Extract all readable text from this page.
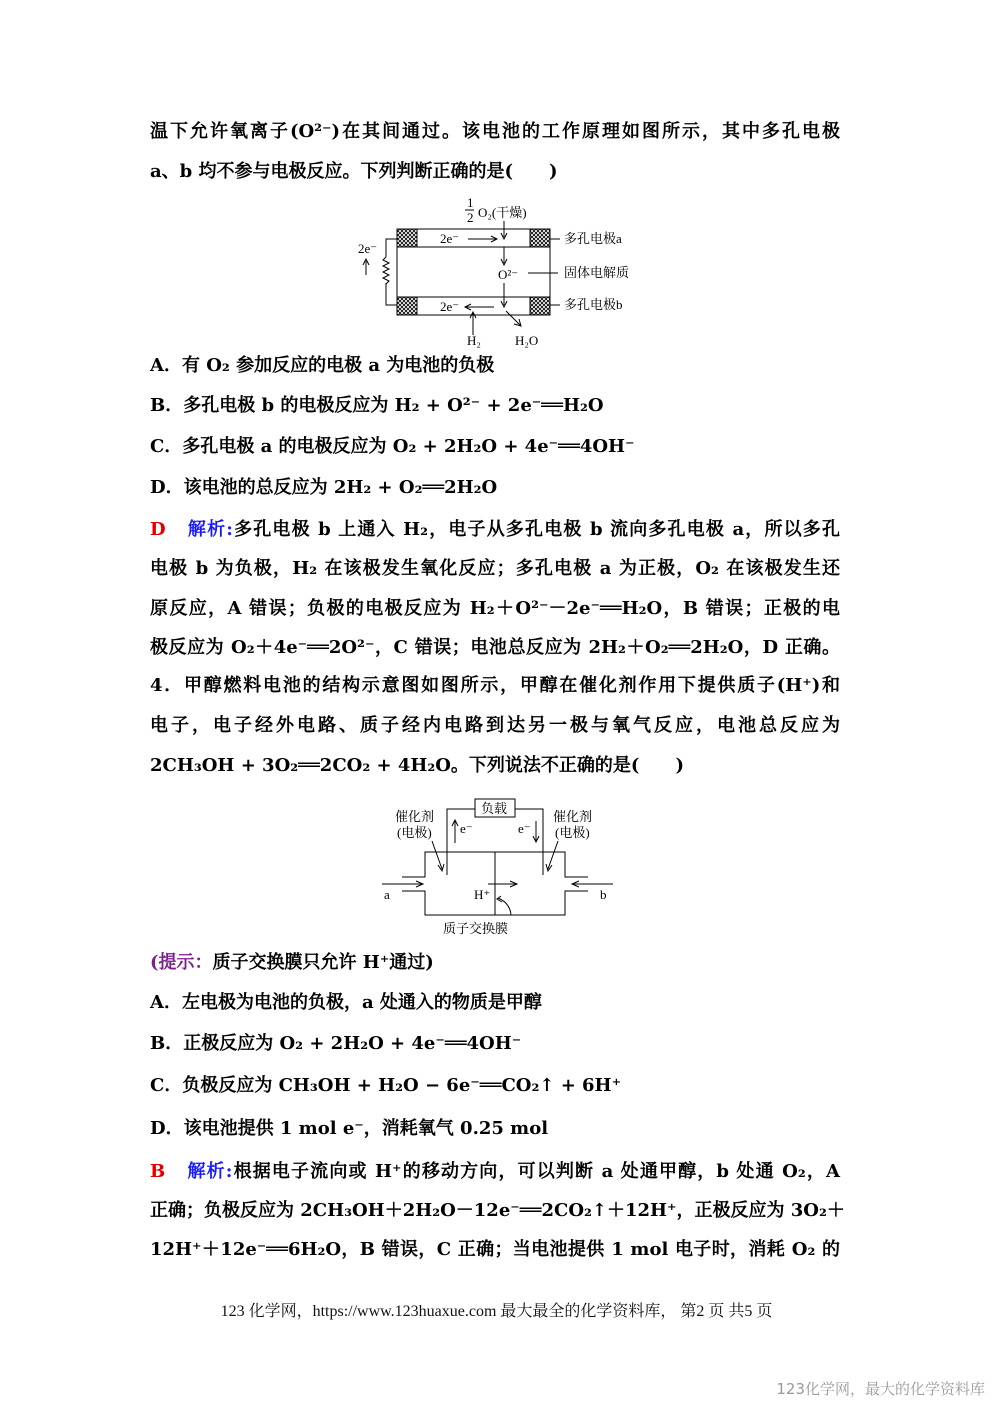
温下允许氧离子(O²⁻)在其间通过。该电池的工作原理如图所示，其中多孔电极
a、b 均不参与电极反应。下列判断正确的是(　　)
2e⁻
1
2 O₂(干燥)
2e⁻
O²⁻
2e⁻
H₂	H₂O
多孔电极a
固体电解质
多孔电极b
A．有 O₂ 参加反应的电极 a 为电池的负极
B．多孔电极 b 的电极反应为 H₂ + O²⁻ + 2e⁻══H₂O
C．多孔电极 a 的电极反应为 O₂ + 2H₂O + 4e⁻══4OH⁻
D．该电池的总反应为 2H₂ + O₂══2H₂O
D 解析:多孔电极 b 上通入 H₂，电子从多孔电极 b 流向多孔电极 a，所以多孔
电极 b 为负极，H₂ 在该极发生氧化反应；多孔电极 a 为正极，O₂ 在该极发生还
原反应，A 错误；负极的电极反应为 H₂＋O²⁻－2e⁻══H₂O，B 错误；正极的电
极反应为 O₂＋4e⁻══2O²⁻，C 错误；电池总反应为 2H₂＋O₂══2H₂O，D 正确。
4．甲醇燃料电池的结构示意图如图所示，甲醇在催化剂作用下提供质子(H⁺)和
电子，电子经外电路、质子经内电路到达另一极与氧气反应，电池总反应为
2CH₃OH + 3O₂══2CO₂ + 4H₂O。下列说法不正确的是(　　)
负载
e⁻	e⁻
催化剂
(电极)
催化剂
(电极)
a	b
H⁺
质子交换膜
(提示：质子交换膜只允许 H⁺通过)
A．左电极为电池的负极，a 处通入的物质是甲醇
B．正极反应为 O₂ + 2H₂O + 4e⁻══4OH⁻
C．负极反应为 CH₃OH + H₂O − 6e⁻══CO₂↑ + 6H⁺
D．该电池提供 1 mol e⁻，消耗氧气 0.25 mol
B 解析:根据电子流向或 H⁺的移动方向，可以判断 a 处通甲醇，b 处通 O₂，A
正确；负极反应为 2CH₃OH＋2H₂O－12e⁻══2CO₂↑＋12H⁺，正极反应为 3O₂＋
12H⁺＋12e⁻══6H₂O，B 错误，C 正确；当电池提供 1 mol 电子时，消耗 O₂ 的
123 化学网，https://www.123huaxue.com 最大最全的化学资料库， 第2 页 共5 页
123化学网，最大的化学资料库
